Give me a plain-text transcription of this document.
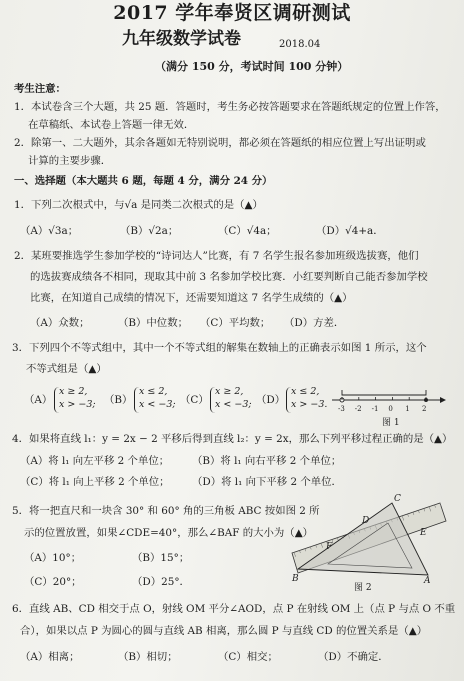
2017 学年奉贤区调研测试
九年级数学试卷	2018.04
（满分 150 分，考试时间 100 分钟）
考生注意：
1．本试卷含三个大题，共 25 题．答题时，考生务必按答题要求在答题纸规定的位置上作答，
在草稿纸、本试卷上答题一律无效．
2．除第一、二大题外，其余各题如无特别说明，都必须在答题纸的相应位置上写出证明或
计算的主要步骤．
一、选择题（本大题共 6 题，每题 4 分，满分 24 分）
1．下列二次根式中，与√a 是同类二次根式的是（▲）
（A）√3a；	（B）√2a；	（C）√4a；	（D）√4+a．
2．某班要推选学生参加学校的“诗词达人”比赛，有 7 名学生报名参加班级选拔赛，他们
的选拔赛成绩各不相同，现取其中前 3 名参加学校比赛．小红要判断自己能否参加学校
比赛，在知道自己成绩的情况下，还需要知道这 7 名学生成绩的（▲）
（A）众数；	（B）中位数； （C）平均数； （D）方差．
3．下列四个不等式组中，其中一个不等式组的解集在数轴上的正确表示如图 1 所示，这个
不等式组是（▲）
（A）
x ≥ 2,
x > −3; （B）
x ≤ 2,
x < −3; （C）
x ≥ 2,
x < −3; （D）
x ≤ 2,
x > −3. -3 -2 -1 0 1 2
图 1
4．如果将直线 l₁：y = 2x − 2 平移后得到直线 l₂：y = 2x，那么下列平移过程正确的是（▲）
（A）将 l₁ 向左平移 2 个单位； （B）将 l₁ 向右平移 2 个单位；
（C）将 l₁ 向上平移 2 个单位； （D）将 l₁ 向下平移 2 个单位．
5．将一把直尺和一块含 30° 和 60° 角的三角板 ABC 按如图 2 所
示的位置放置，如果∠CDE=40°，那么∠BAF 的大小为（▲）
（A）10°；	（B）15°；
（C）20°；	（D）25°．
C
D
E
F
B	A
图 2
6．直线 AB、CD 相交于点 O，射线 OM 平分∠AOD，点 P 在射线 OM 上（点 P 与点 O 不重
合），如果以点 P 为圆心的圆与直线 AB 相离，那么圆 P 与直线 CD 的位置关系是（▲）
（A）相离；	（B）相切；	（C）相交；	（D）不确定．
